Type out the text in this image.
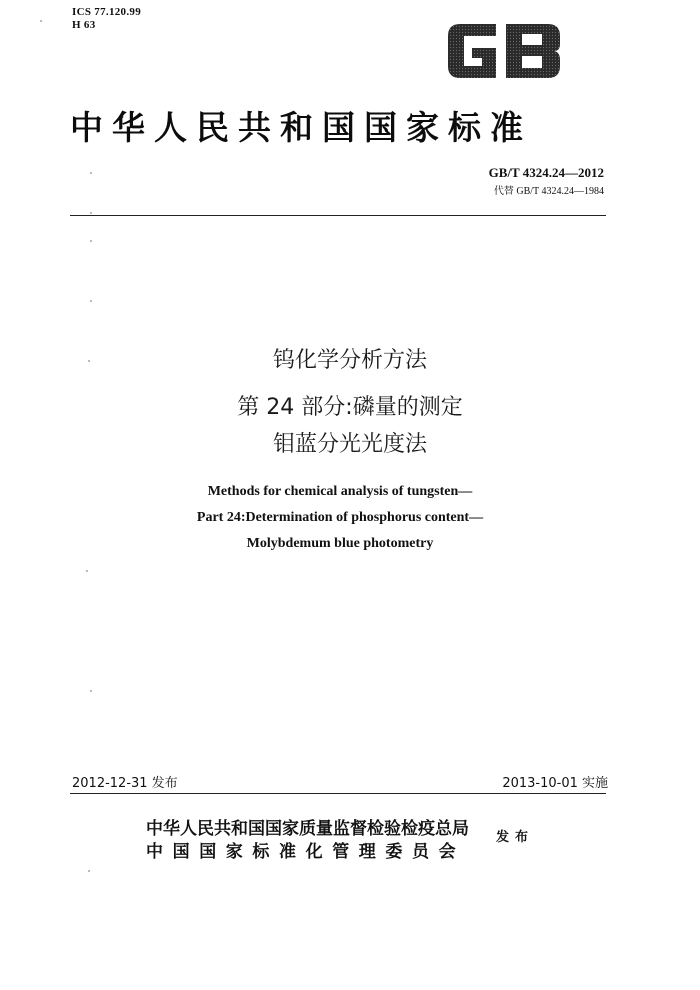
ICS 77.120.99
H 63
中华人民共和国国家标准
GB/T 4324.24—2012
代替 GB/T 4324.24—1984
钨化学分析方法
第 24 部分:磷量的测定
钼蓝分光光度法
Methods for chemical analysis of tungsten—
Part 24:Determination of phosphorus content—
Molybdemum blue photometry
2012-12-31 发布	2013-10-01 实施
中华人民共和国国家质量监督检验检疫总局
中国国家标准化管理委员会
发布
